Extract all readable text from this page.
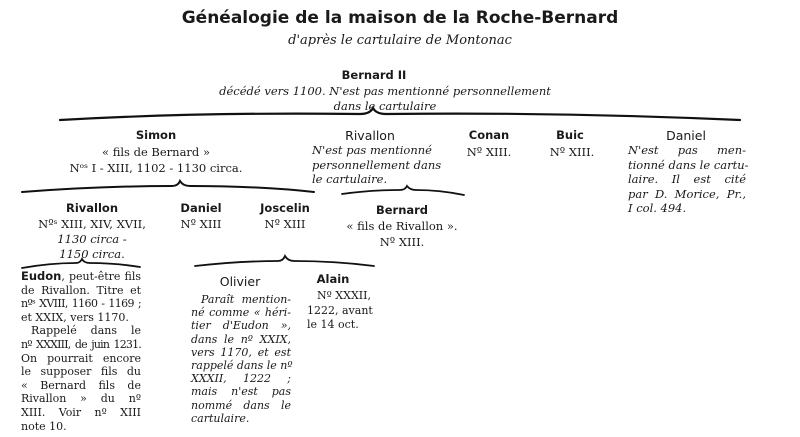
Généalogie de la maison de la Roche-Bernard
d'après le cartulaire de Montonac
Bernard II
décédé vers 1100. N'est pas mentionné personnellement
dans le cartulaire
Simon
« fils de Bernard »
Nᵒˢ I - XIII, 1102 - 1130 circa.
Rivallon
N'est pas mentionné
personnellement dans
le cartulaire.
Conan
Nº XIII.
Buic
Nº XIII.
Daniel
N'est pas men-
tionné dans le cartu-
laire. Il est cité
par D. Morice, Pr.,
I col. 494.
Rivallon
Nºˢ XIII, XIV, XVII,
1130 circa -
1150 circa.
Daniel
Nº XIII
Joscelin
Nº XIII
Bernard
« fils de Rivallon ».
Nº XIII.
Eudon, peut-être fils
de Rivallon. Titre et
nºˢ XVIII, 1160 - 1169 ;
et XXIX, vers 1170.
Rappelé dans le
nº XXXIII, de juin 1231.
On pourrait encore
le supposer fils du
« Bernard fils de
Rivallon » du nº
XIII. Voir nº XIII
note 10.
Olivier
Paraît mention-
né comme « héri-
tier d'Eudon »,
dans le nº XXIX,
vers 1170, et est
rappelé dans le nº
XXXII, 1222 ;
mais n'est pas
nommé dans le
cartulaire.
Alain
Nº XXXII,
1222, avant
le 14 oct.
